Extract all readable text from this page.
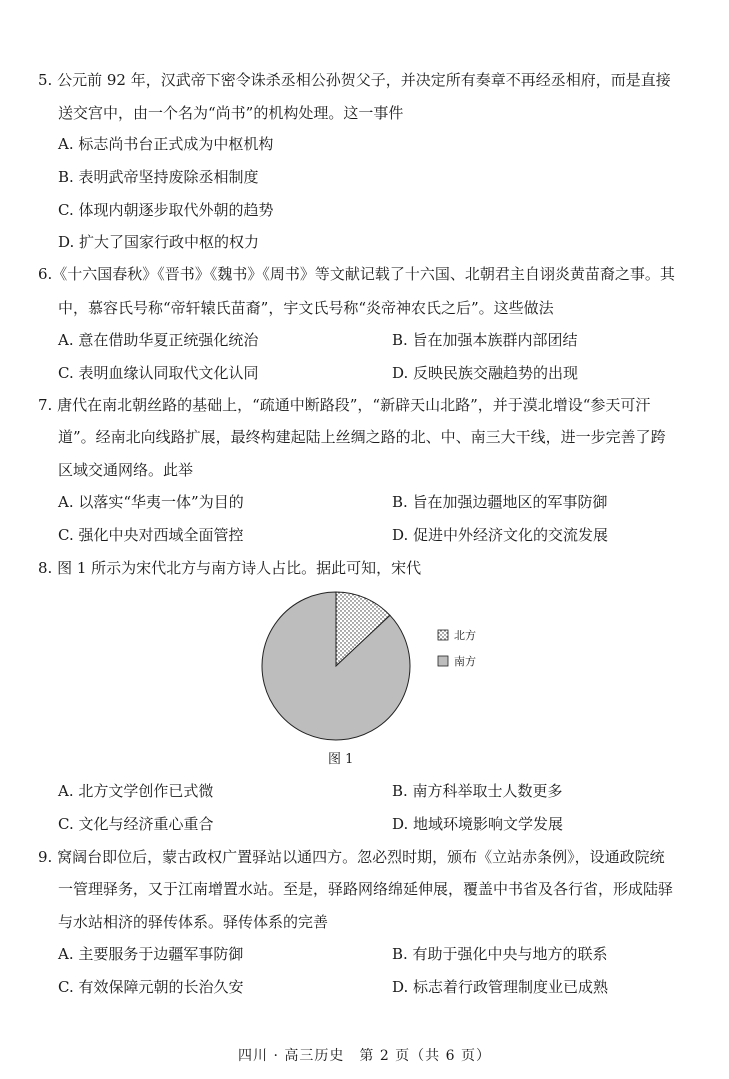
5. 公元前 92 年，汉武帝下密令诛杀丞相公孙贺父子，并决定所有奏章不再经丞相府，而是直接
送交宫中，由一个名为“尚书”的机构处理。这一事件
A. 标志尚书台正式成为中枢机构
B. 表明武帝坚持废除丞相制度
C. 体现内朝逐步取代外朝的趋势
D. 扩大了国家行政中枢的权力
6.《十六国春秋》《晋书》《魏书》《周书》等文献记载了十六国、北朝君主自诩炎黄苗裔之事。其
中，慕容氏号称“帝轩辕氏苗裔”，宇文氏号称“炎帝神农氏之后”。这些做法
A. 意在借助华夏正统强化统治	B. 旨在加强本族群内部团结
C. 表明血缘认同取代文化认同	D. 反映民族交融趋势的出现
7. 唐代在南北朝丝路的基础上，“疏通中断路段”，“新辟天山北路”，并于漠北增设“参天可汗
道”。经南北向线路扩展，最终构建起陆上丝绸之路的北、中、南三大干线，进一步完善了跨
区域交通网络。此举
A. 以落实“华夷一体”为目的	B. 旨在加强边疆地区的军事防御
C. 强化中央对西域全面管控	D. 促进中外经济文化的交流发展
8. 图 1 所示为宋代北方与南方诗人占比。据此可知，宋代
北方
南方
图 1
A. 北方文学创作已式微	B. 南方科举取士人数更多
C. 文化与经济重心重合	D. 地域环境影响文学发展
9. 窝阔台即位后，蒙古政权广置驿站以通四方。忽必烈时期，颁布《立站赤条例》，设通政院统
一管理驿务，又于江南增置水站。至是，驿路网络绵延伸展，覆盖中书省及各行省，形成陆驿
与水站相济的驿传体系。驿传体系的完善
A. 主要服务于边疆军事防御	B. 有助于强化中央与地方的联系
C. 有效保障元朝的长治久安	D. 标志着行政管理制度业已成熟
四川 · 高三历史　第 2 页（共 6 页）
